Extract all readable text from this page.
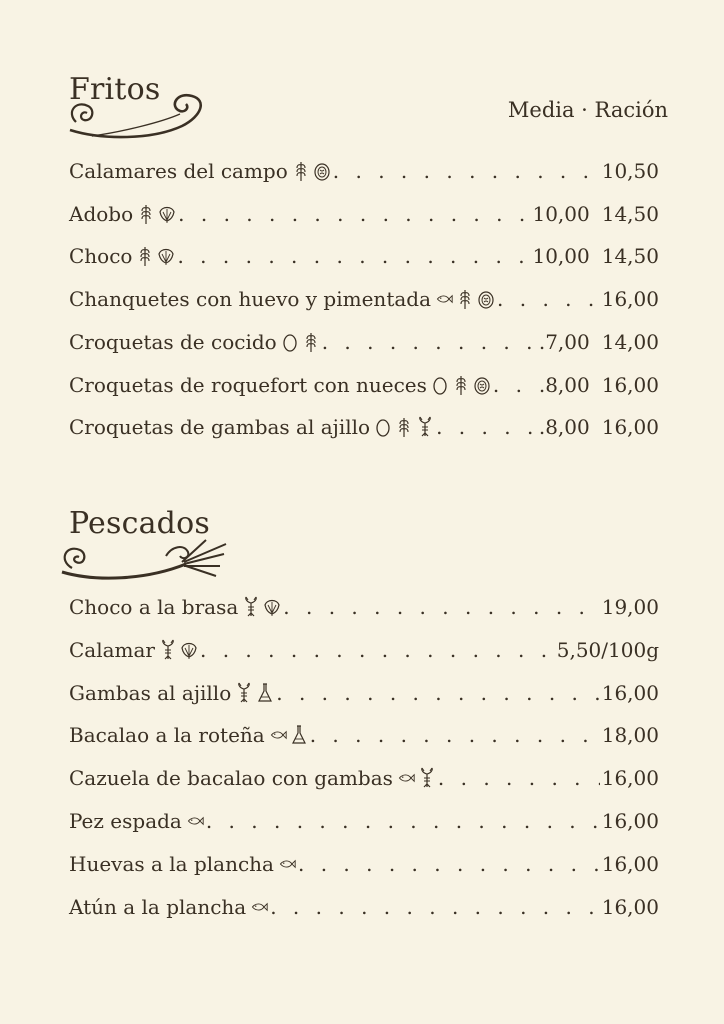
Fritos
Media · Ración
Calamares del campo . . .	10,50
Adobo . . .	10,00 14,50
Choco . . .	10,00 14,50
Chanquetes con huevo y pimentada . . .	16,00
Croquetas de cocido . . .	.7,00 14,00
Croquetas de roquefort con nueces . . .	.8,00 16,00
Croquetas de gambas al ajillo . . .	.8,00 16,00
Pescados
Choco a la brasa . . .	19,00
Calamar . . .	5,50/100g
Gambas al ajillo . . .	16,00
Bacalao a la roteña . . .	18,00
Cazuela de bacalao con gambas . . .	16,00
Pez espada . . .	16,00
Huevas a la plancha . . .	16,00
Atún a la plancha . . .	16,00
